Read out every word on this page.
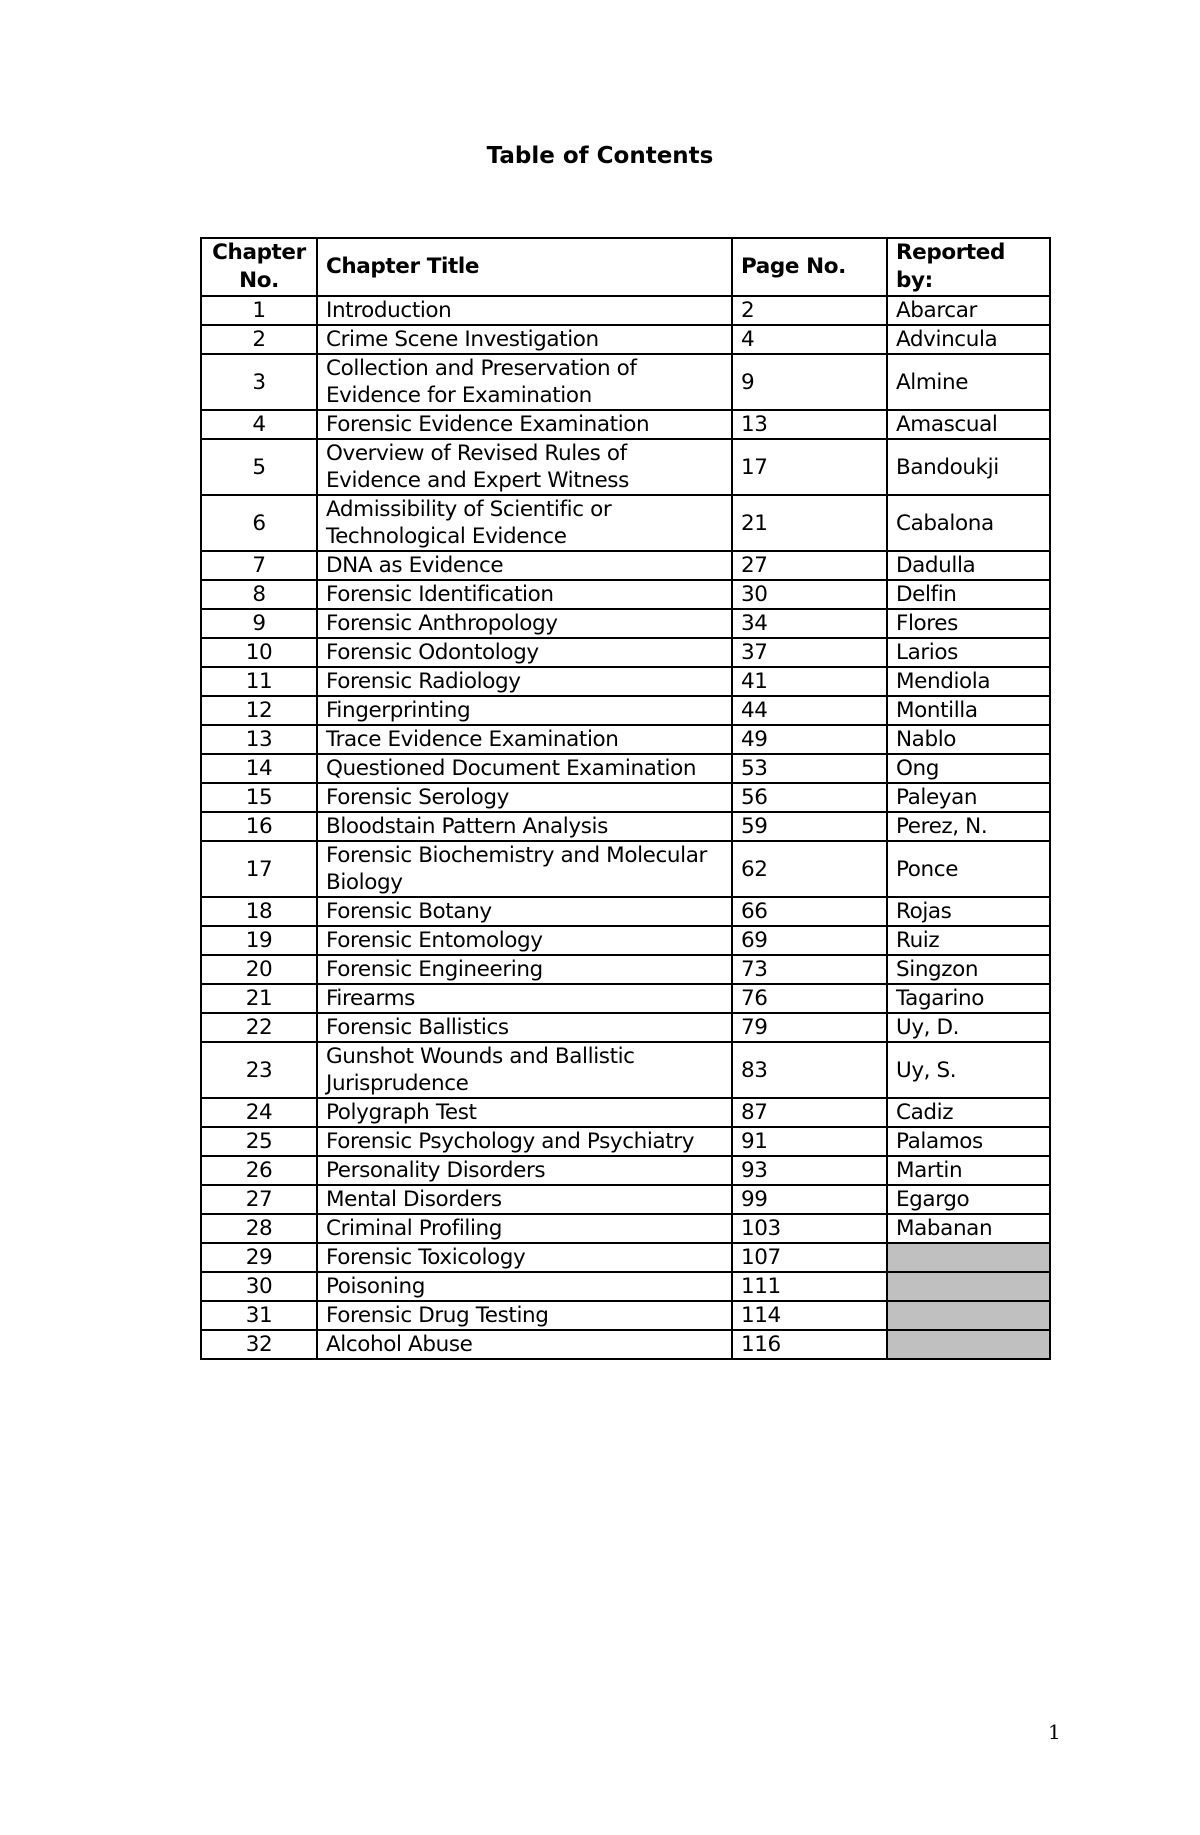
Table of Contents
Chapter No.	Chapter Title	Page No.	Reported by:
1	Introduction	2	Abarcar
2	Crime Scene Investigation	4	Advincula
3	Collection and Preservation of Evidence for Examination	9	Almine
4	Forensic Evidence Examination	13	Amascual
5	Overview of Revised Rules of Evidence and Expert Witness	17	Bandoukji
6	Admissibility of Scientific or Technological Evidence	21	Cabalona
7	DNA as Evidence	27	Dadulla
8	Forensic Identification	30	Delfin
9	Forensic Anthropology	34	Flores
10	Forensic Odontology	37	Larios
11	Forensic Radiology	41	Mendiola
12	Fingerprinting	44	Montilla
13	Trace Evidence Examination	49	Nablo
14	Questioned Document Examination	53	Ong
15	Forensic Serology	56	Paleyan
16	Bloodstain Pattern Analysis	59	Perez, N.
17	Forensic Biochemistry and Molecular Biology	62	Ponce
18	Forensic Botany	66	Rojas
19	Forensic Entomology	69	Ruiz
20	Forensic Engineering	73	Singzon
21	Firearms	76	Tagarino
22	Forensic Ballistics	79	Uy, D.
23	Gunshot Wounds and Ballistic Jurisprudence	83	Uy, S.
24	Polygraph Test	87	Cadiz
25	Forensic Psychology and Psychiatry	91	Palamos
26	Personality Disorders	93	Martin
27	Mental Disorders	99	Egargo
28	Criminal Profiling	103	Mabanan
29	Forensic Toxicology	107	
30	Poisoning	111	
31	Forensic Drug Testing	114	
32	Alcohol Abuse	116	
1
